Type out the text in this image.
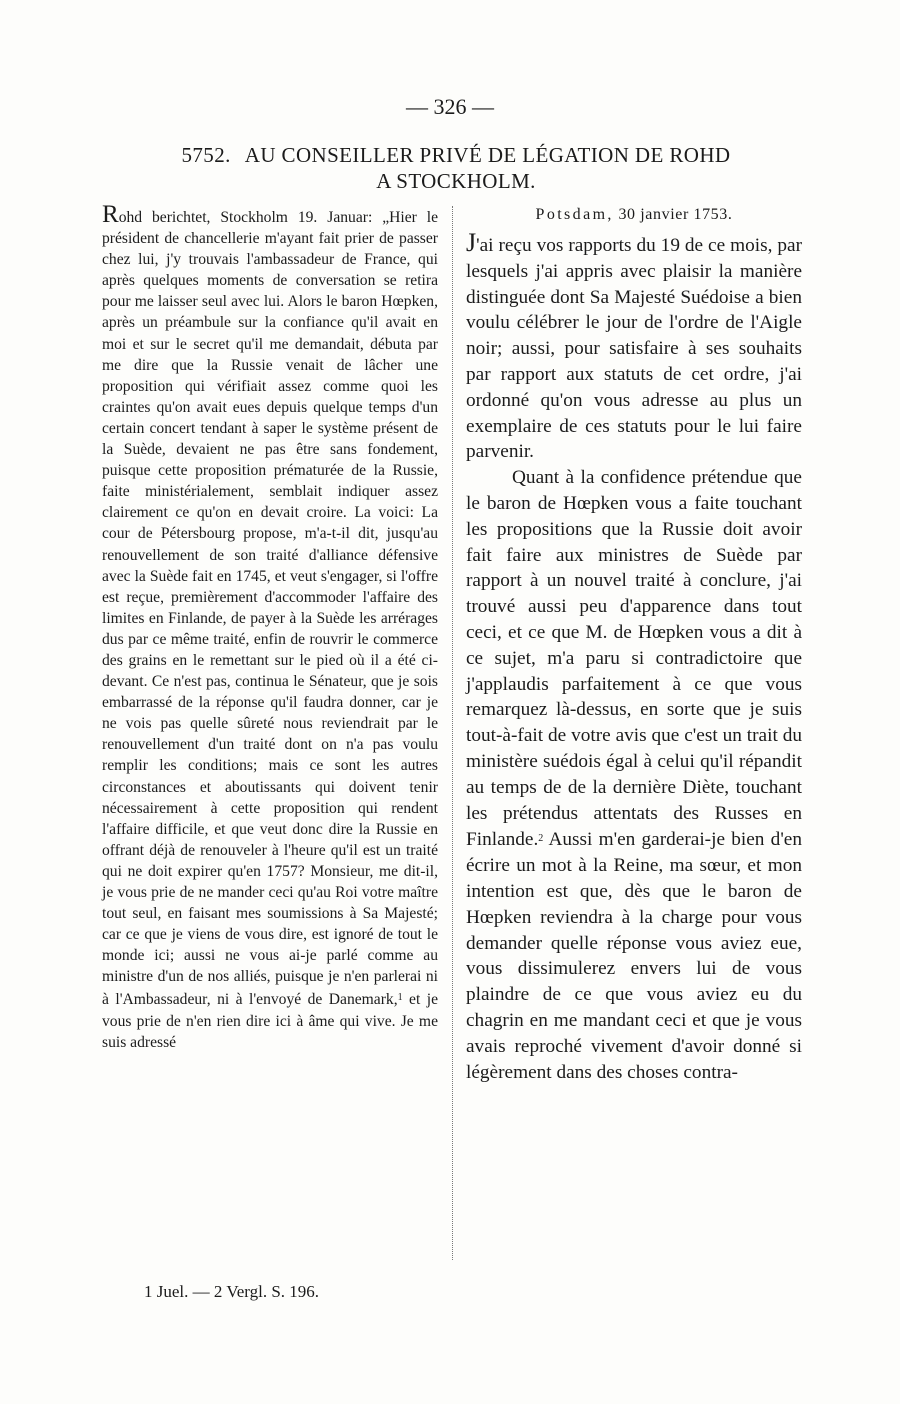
— 326 —
5752. AU CONSEILLER PRIVÉ DE LÉGATION DE ROHD
A STOCKHOLM.
Rohd berichtet, Stockholm 19. Januar: „Hier le président de chancellerie m'ayant fait prier de passer chez lui, j'y trouvais l'ambassadeur de France, qui après quelques moments de conversation se retira pour me laisser seul avec lui. Alors le baron Hœpken, après un préambule sur la confiance qu'il avait en moi et sur le secret qu'il me demandait, débuta par me dire que la Russie venait de lâcher une proposition qui vérifiait assez comme quoi les craintes qu'on avait eues depuis quelque temps d'un certain concert tendant à saper le système présent de la Suède, devaient ne pas être sans fondement, puisque cette proposition prématurée de la Russie, faite ministérialement, semblait indiquer assez clairement ce qu'on en devait croire. La voici: La cour de Pétersbourg propose, m'a-t-il dit, jusqu'au renouvellement de son traité d'alliance défensive avec la Suède fait en 1745, et veut s'engager, si l'offre est reçue, premièrement d'accommoder l'affaire des limites en Finlande, de payer à la Suède les arrérages dus par ce même traité, enfin de rouvrir le commerce des grains en le remettant sur le pied où il a été ci-devant. Ce n'est pas, continua le Sénateur, que je sois embarrassé de la réponse qu'il faudra donner, car je ne vois pas quelle sûreté nous reviendrait par le renouvellement d'un traité dont on n'a pas voulu remplir les conditions; mais ce sont les autres circonstances et aboutissants qui doivent tenir nécessairement à cette proposition qui rendent l'affaire difficile, et que veut donc dire la Russie en offrant déjà de renouveler à l'heure qu'il est un traité qui ne doit expirer qu'en 1757? Monsieur, me dit-il, je vous prie de ne mander ceci qu'au Roi votre maître tout seul, en faisant mes soumissions à Sa Majesté; car ce que je viens de vous dire, est ignoré de tout le monde ici; aussi ne vous ai-je parlé comme au ministre d'un de nos alliés, puisque je n'en parlerai ni à l'Ambassadeur, ni à l'envoyé de Danemark,$^1$ et je vous prie de n'en rien dire ici à âme qui vive. Je me suis adressé
Potsdam, 30 janvier 1753.

J'ai reçu vos rapports du 19 de ce mois, par lesquels j'ai appris avec plaisir la manière distinguée dont Sa Majesté Suédoise a bien voulu célébrer le jour de l'ordre de l'Aigle noir; aussi, pour satisfaire à ses souhaits par rapport aux statuts de cet ordre, j'ai ordonné qu'on vous adresse au plus un exemplaire de ces statuts pour le lui faire parvenir.

Quant à la confidence prétendue que le baron de Hœpken vous a faite touchant les propositions que la Russie doit avoir fait faire aux ministres de Suède par rapport à un nouvel traité à conclure, j'ai trouvé aussi peu d'apparence dans tout ceci, et ce que M. de Hœpken vous a dit à ce sujet, m'a paru si contradictoire que j'applaudis parfaitement à ce que vous remarquez là-dessus, en sorte que je suis tout-à-fait de votre avis que c'est un trait du ministère suédois égal à celui qu'il répandit au temps de de la dernière Diète, touchant les prétendus attentats des Russes en Finlande.$^2$ Aussi m'en garderai-je bien d'en écrire un mot à la Reine, ma sœur, et mon intention est que, dès que le baron de Hœpken reviendra à la charge pour vous demander quelle réponse vous aviez eue, vous dissimulerez envers lui de vous plaindre de ce que vous aviez eu du chagrin en me mandant ceci et que je vous avais reproché vivement d'avoir donné si légèrement dans des choses contra-

1 Juel. — 2 Vergl. S. 196.
